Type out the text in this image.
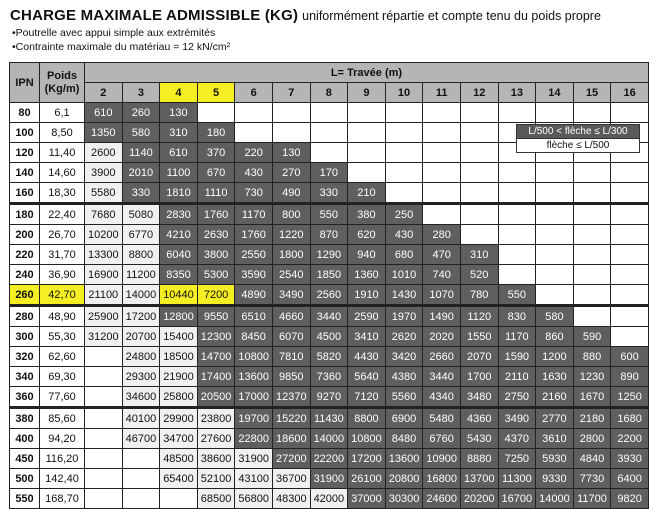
CHARGE MAXIMALE ADMISSIBLE (KG) uniformément répartie et compte tenu du poids propre
•Poutrelle avec appui simple aux extrémités
•Contrainte maximale du matériau = 12 kN/cm²
IPN	Poids
(Kg/m)	L= Travée (m)														
		2	3	4	5	6	7	8	9	10	11	12	13	14	15	16
80	6,1	610	260	130												
100	8,50	1350	580	310	180											
120	11,40	2600	1140	610	370	220	130									
140	14,60	3900	2010	1100	670	430	270	170								
160	18,30	5580	330	1810	1110	730	490	330	210							
180	22,40	7680	5080	2830	1760	1170	800	550	380	250						
200	26,70	10200	6770	4210	2630	1760	1220	870	620	430	280					
220	31,70	13300	8800	6040	3800	2550	1800	1290	940	680	470	310				
240	36,90	16900	11200	8350	5300	3590	2540	1850	1360	1010	740	520				
260	42,70	21100	14000	10440	7200	4890	3490	2560	1910	1430	1070	780	550			
280	48,90	25900	17200	12800	9550	6510	4660	3440	2590	1970	1490	1120	830	580		
300	55,30	31200	20700	15400	12300	8450	6070	4500	3410	2620	2020	1550	1170	860	590	
320	62,60		24800	18500	14700	10800	7810	5820	4430	3420	2660	2070	1590	1200	880	600
340	69,30		29300	21900	17400	13600	9850	7360	5640	4380	3440	1700	2110	1630	1230	890
360	77,60		34600	25800	20500	17000	12370	9270	7120	5560	4340	3480	2750	2160	1670	1250
380	85,60		40100	29900	23800	19700	15220	11430	8800	6900	5480	4360	3490	2770	2180	1680
400	94,20		46700	34700	27600	22800	18600	14000	10800	8480	6760	5430	4370	3610	2800	2200
450	116,20			48500	38600	31900	27200	22200	17200	13600	10900	8880	7250	5930	4840	3930
500	142,40			65400	52100	43100	36700	31900	26100	20800	16800	13700	11300	9330	7730	6400
550	168,70				68500	56800	48300	42000	37000	30300	24600	20200	16700	14000	11700	9820
L/500 < flèche ≤ L/300
flèche ≤ L/500
